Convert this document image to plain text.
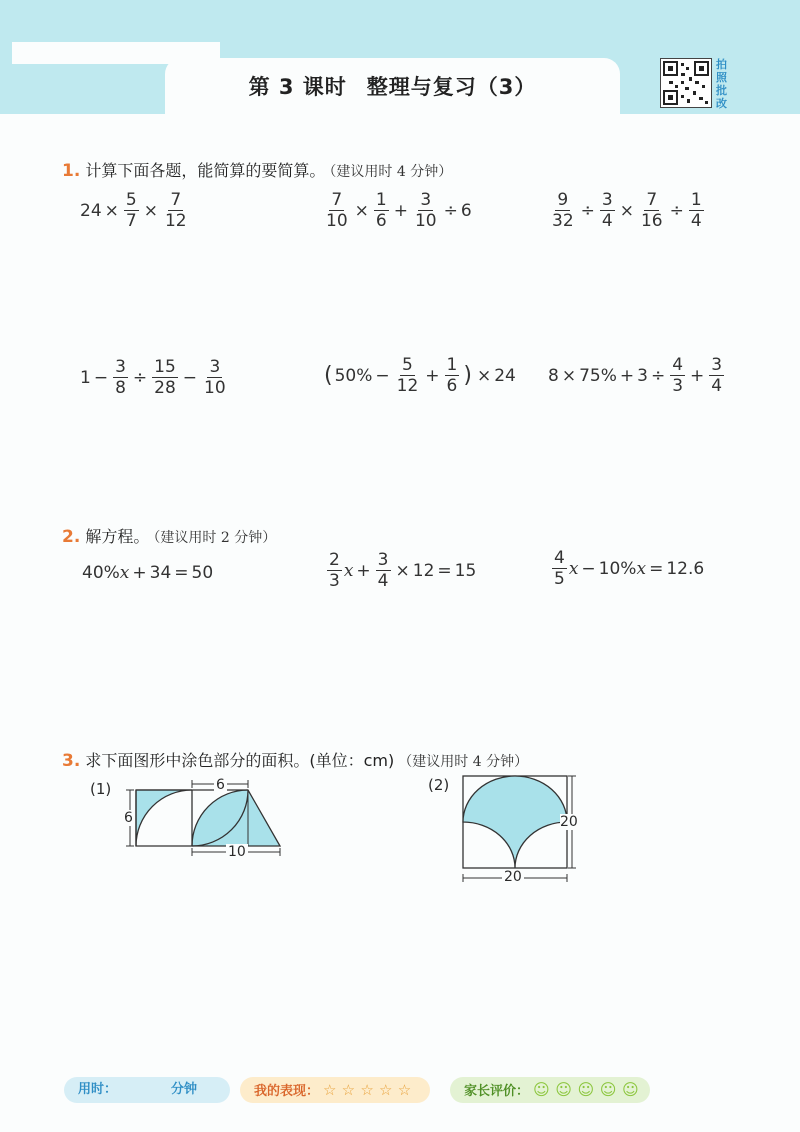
第 3 课时 整理与复习（3）
拍
照
批
改
1. 计算下面各题，能简算的要简算。 （建议用时 4 分钟）
$24 \times \frac{5}{7} \times \frac{7}{12}$	$\frac{7}{10} \times \frac{1}{6} + \frac{3}{10} \div 6$	$\frac{9}{32} \div \frac{3}{4} \times \frac{7}{16} \div \frac{1}{4}$
$1 - \frac{3}{8} \div \frac{15}{28} - \frac{3}{10}$	( $50\% - \frac{5}{12} + \frac{1}{6}$ ) × 24 $8 \times 75\% + 3 \div \frac{4}{3} + \frac{3}{4}$
2. 解方程。 （建议用时 2 分钟）
40% x + 34 = 50	$\frac{2}{3}$ $x + \frac{3}{4} \times 12 = 15$	$\frac{4}{5}$ x − 10% x = 12.6
3. 求下面图形中涂色部分的面积。(单位：cm) （建议用时 4 分钟）
(1)	6
6
10
(2)
20
20
用时：	分钟	我的表现： ☆ ☆ ☆ ☆ ☆	家长评价： ☺ ☺ ☺ ☺ ☺
